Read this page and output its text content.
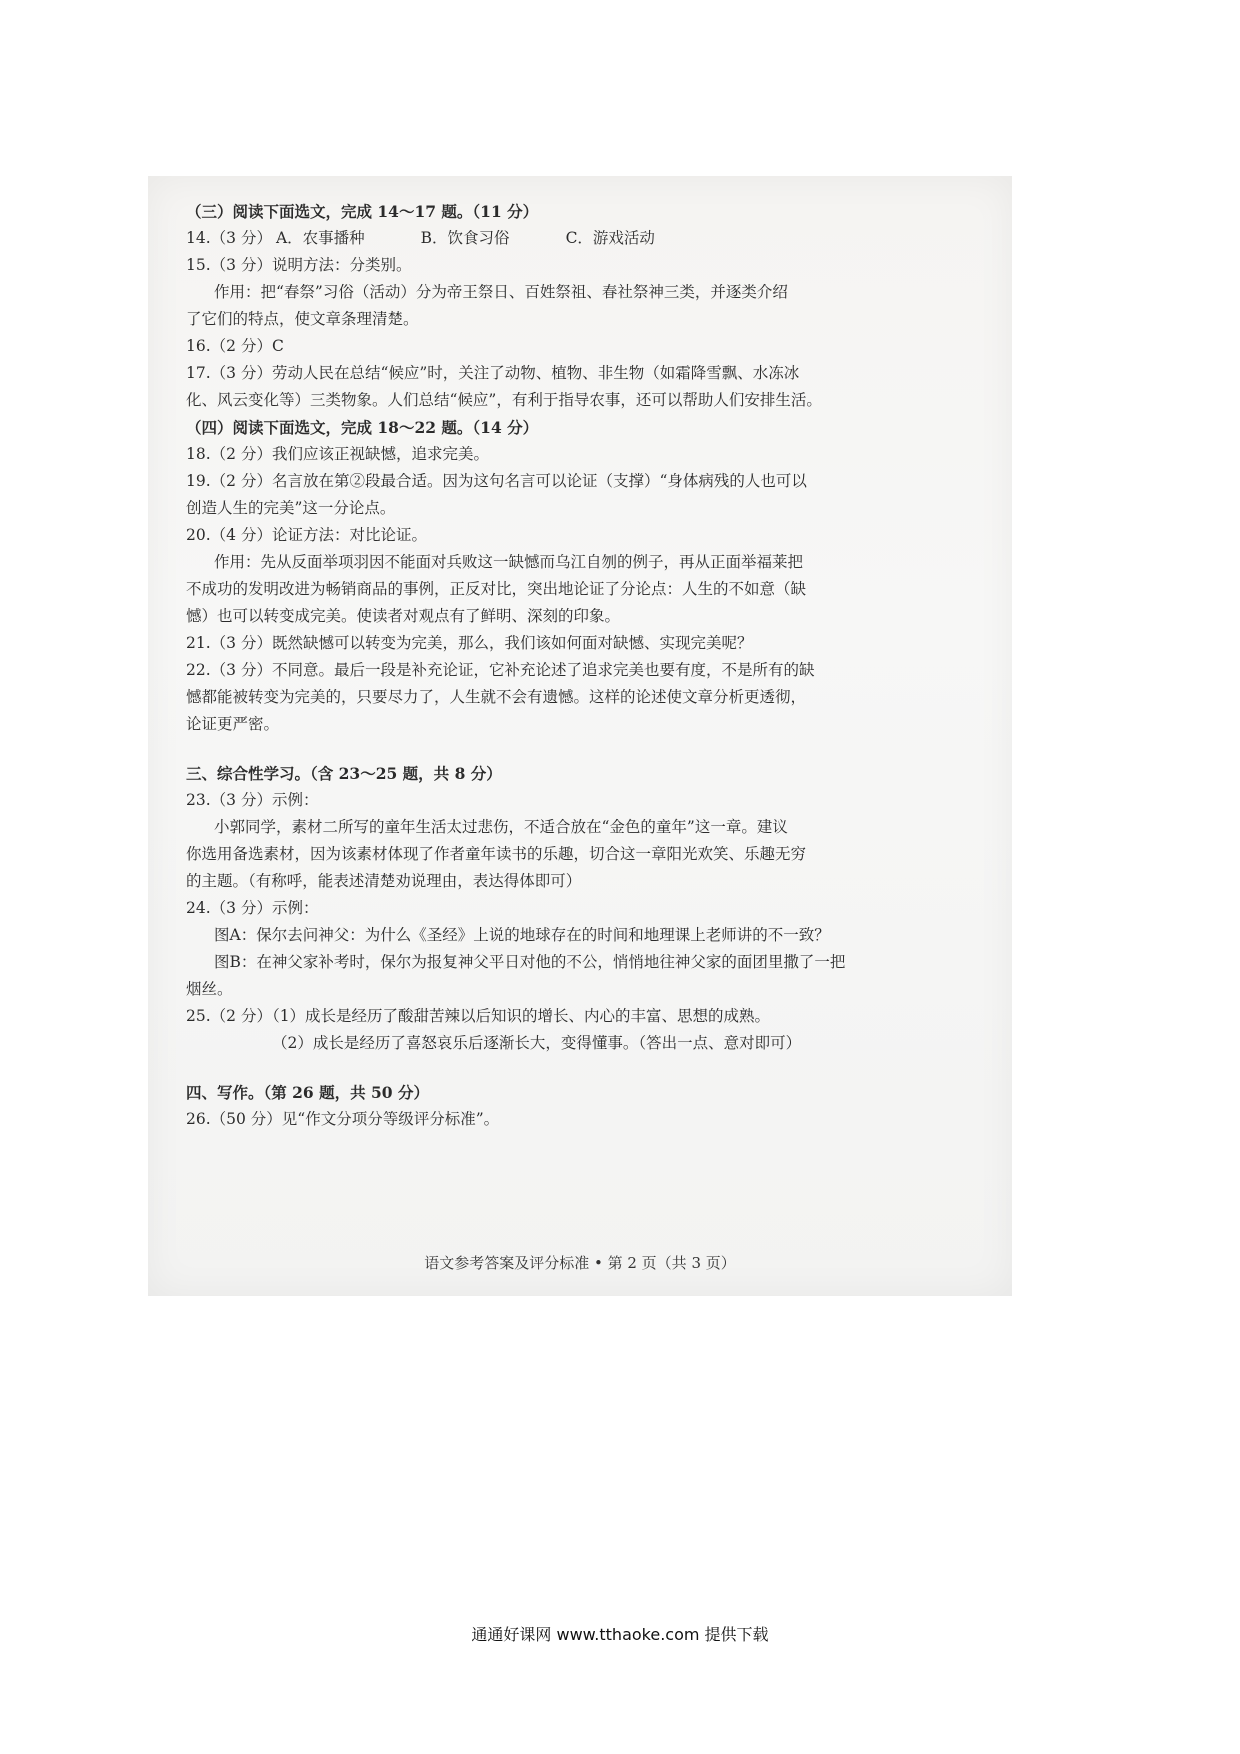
（三）阅读下面选文，完成 14～17 题。（11 分）

14.（3 分） A．农事播种	B．饮食习俗	C．游戏活动

15.（3 分）说明方法：分类别。

作用：把“春祭”习俗（活动）分为帝王祭日、百姓祭祖、春社祭神三类，并逐类介绍

了它们的特点，使文章条理清楚。

16.（2 分）C

17.（3 分）劳动人民在总结“候应”时，关注了动物、植物、非生物（如霜降雪飘、水冻冰

化、风云变化等）三类物象。人们总结“候应”，有利于指导农事，还可以帮助人们安排生活。

（四）阅读下面选文，完成 18～22 题。（14 分）

18.（2 分）我们应该正视缺憾，追求完美。

19.（2 分）名言放在第②段最合适。因为这句名言可以论证（支撑）“身体病残的人也可以

创造人生的完美”这一分论点。

20.（4 分）论证方法：对比论证。

作用：先从反面举项羽因不能面对兵败这一缺憾而乌江自刎的例子，再从正面举福莱把

不成功的发明改进为畅销商品的事例，正反对比，突出地论证了分论点：人生的不如意（缺

憾）也可以转变成完美。使读者对观点有了鲜明、深刻的印象。

21.（3 分）既然缺憾可以转变为完美，那么，我们该如何面对缺憾、实现完美呢？

22.（3 分）不同意。最后一段是补充论证，它补充论述了追求完美也要有度，不是所有的缺

憾都能被转变为完美的，只要尽力了，人生就不会有遗憾。这样的论述使文章分析更透彻，

论证更严密。

三、综合性学习。（含 23～25 题，共 8 分）

23.（3 分）示例：

小郭同学，素材二所写的童年生活太过悲伤，不适合放在“金色的童年”这一章。建议

你选用备选素材，因为该素材体现了作者童年读书的乐趣，切合这一章阳光欢笑、乐趣无穷

的主题。（有称呼，能表述清楚劝说理由，表达得体即可）

24.（3 分）示例：

图A：保尔去问神父：为什么《圣经》上说的地球存在的时间和地理课上老师讲的不一致？

图B：在神父家补考时，保尔为报复神父平日对他的不公，悄悄地往神父家的面团里撒了一把

烟丝。

25.（2 分）（1）成长是经历了酸甜苦辣以后知识的增长、内心的丰富、思想的成熟。

（2）成长是经历了喜怒哀乐后逐渐长大，变得懂事。（答出一点、意对即可）

四、写作。（第 26 题，共 50 分）

26.（50 分）见“作文分项分等级评分标准”。

语文参考答案及评分标准 • 第 2 页（共 3 页）
通通好课网 www.tthaoke.com 提供下载
